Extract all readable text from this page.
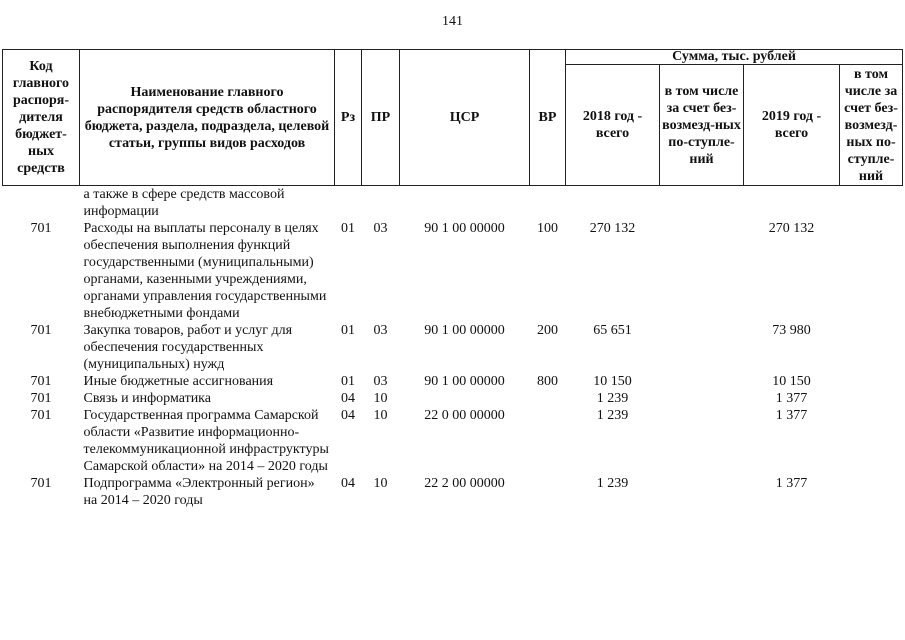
141
Код главного распоря-дителя бюджет-ных средств	Наименование главного распорядителя средств областного бюджета, раздела, подраздела, целевой статьи, группы видов расходов	Рз	ПР	ЦСР	ВР	Сумма, тыс. рублей			
						2018 год - всего	в том числе за счет без-возмезд-ных по-ступле-ний	2019 год - всего	в том числе за счет без-возмезд-ных по-ступле-ний
	а также в сфере средств массовой информации								
701	Расходы на выплаты персоналу в целях обеспечения выполнения функций государственными (муниципальными) органами, казенными учреждениями, органами управления государственными внебюджетными фондами	01	03	90 1 00 00000	100	270 132		270 132	
701	Закупка товаров, работ и услуг для обеспечения государственных (муниципальных) нужд	01	03	90 1 00 00000	200	65 651		73 980	
701	Иные бюджетные ассигнования	01	03	90 1 00 00000	800	10 150		10 150	
701	Связь и информатика	04	10			1 239		1 377	
701	Государственная программа Самарской области «Развитие информационно-телекоммуникационной инфраструктуры Самарской области» на 2014 – 2020 годы	04	10	22 0 00 00000		1 239		1 377	
701	Подпрограмма «Электронный регион» на 2014 – 2020 годы	04	10	22 2 00 00000		1 239		1 377	
